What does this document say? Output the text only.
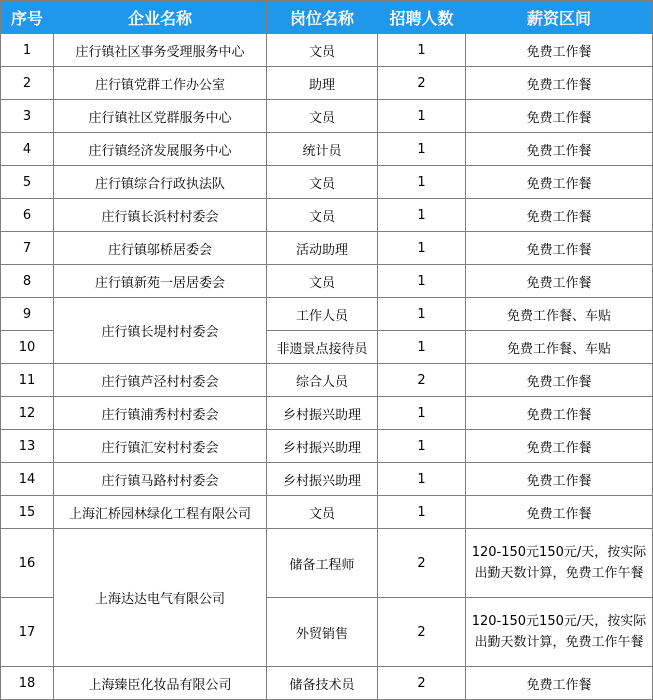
序号	企业名称	岗位名称	招聘人数	薪资区间
1	庄行镇社区事务受理服务中心	文员	1	免费工作餐
2	庄行镇党群工作办公室	助理	2	免费工作餐
3	庄行镇社区党群服务中心	文员	1	免费工作餐
4	庄行镇经济发展服务中心	统计员	1	免费工作餐
5	庄行镇综合行政执法队	文员	1	免费工作餐
6	庄行镇长浜村村委会	文员	1	免费工作餐
7	庄行镇邬桥居委会	活动助理	1	免费工作餐
8	庄行镇新苑一居居委会	文员	1	免费工作餐
9	庄行镇长堤村村委会	工作人员	1	免费工作餐、车贴
10		非遗景点接待员	1	免费工作餐、车贴
11	庄行镇芦泾村村委会	综合人员	2	免费工作餐
12	庄行镇浦秀村村委会	乡村振兴助理	1	免费工作餐
13	庄行镇汇安村村委会	乡村振兴助理	1	免费工作餐
14	庄行镇马路村村委会	乡村振兴助理	1	免费工作餐
15	上海汇桥园林绿化工程有限公司	文员	1	免费工作餐
16	上海达达电气有限公司	储备工程师	2	120-150元150元/天，按实际出勤天数计算，免费工作午餐
17		外贸销售	2	120-150元150元/天，按实际出勤天数计算，免费工作午餐
18	上海臻臣化妆品有限公司	储备技术员	2	免费工作餐
